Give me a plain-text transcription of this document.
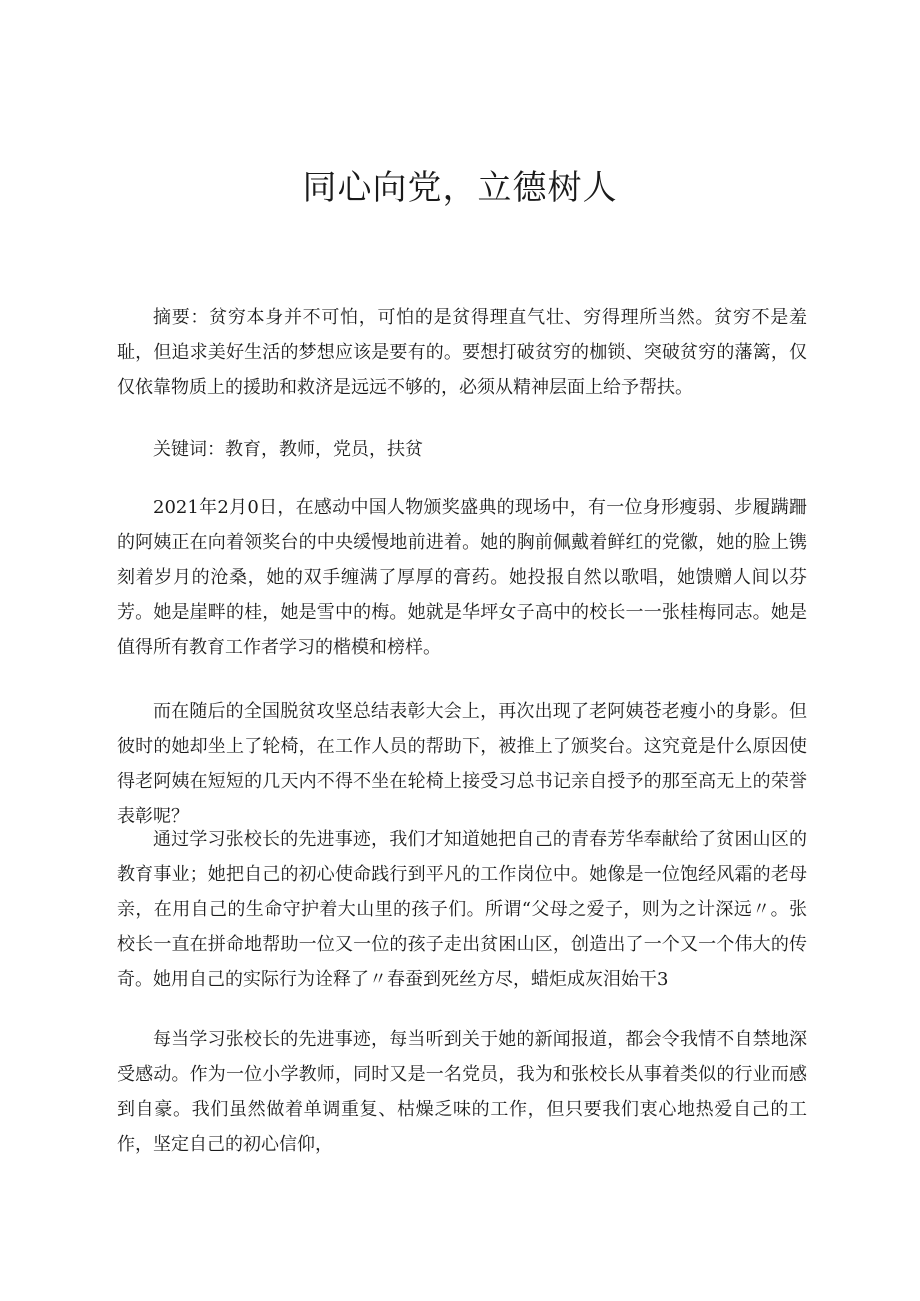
同心向党，立德树人

摘要：贫穷本身并不可怕，可怕的是贫得理直气壮、穷得理所当然。贫穷不是羞耻，但追求美好生活的梦想应该是要有的。要想打破贫穷的枷锁、突破贫穷的藩篱，仅仅依靠物质上的援助和救济是远远不够的，必须从精神层面上给予帮扶。

关键词：教育，教师，党员，扶贫

2021年2月0日，在感动中国人物颁奖盛典的现场中，有一位身形瘦弱、步履蹒跚的阿姨正在向着领奖台的中央缓慢地前进着。她的胸前佩戴着鲜红的党徽，她的脸上镌刻着岁月的沧桑，她的双手缠满了厚厚的膏药。她投报自然以歌唱，她馈赠人间以芬芳。她是崖畔的桂，她是雪中的梅。她就是华坪女子高中的校长一一张桂梅同志。她是值得所有教育工作者学习的楷模和榜样。

而在随后的全国脱贫攻坚总结表彰大会上，再次出现了老阿姨苍老瘦小的身影。但彼时的她却坐上了轮椅，在工作人员的帮助下，被推上了颁奖台。这究竟是什么原因使得老阿姨在短短的几天内不得不坐在轮椅上接受习总书记亲自授予的那至高无上的荣誉表彰呢？

通过学习张校长的先进事迹，我们才知道她把自己的青春芳华奉献给了贫困山区的教育事业；她把自己的初心使命践行到平凡的工作岗位中。她像是一位饱经风霜的老母亲，在用自己的生命守护着大山里的孩子们。所谓“父母之爱子，则为之计深远〃。张校长一直在拼命地帮助一位又一位的孩子走出贫困山区，创造出了一个又一个伟大的传奇。她用自己的实际行为诠释了〃春蚕到死丝方尽，蜡炬成灰泪始干3

每当学习张校长的先进事迹，每当听到关于她的新闻报道，都会令我情不自禁地深受感动。作为一位小学教师，同时又是一名党员，我为和张校长从事着类似的行业而感到自豪。我们虽然做着单调重复、枯燥乏味的工作，但只要我们衷心地热爱自己的工作，坚定自己的初心信仰，
